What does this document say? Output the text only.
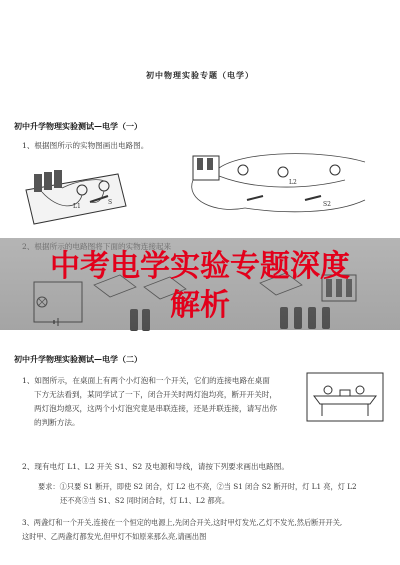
初中物理实验专题（电学）
初中升学物理实验测试—电学（一）
1、根据图所示的实物图画出电路图。
L1
S
L2
S2
中考电学实验专题深度
解析
初中升学物理实验测试—电学（二）
1、如图所示，在桌面上有两个小灯泡和一个开关，它们的连接电路在桌面
下方无法看到，某同学试了一下，闭合开关时两灯泡均亮，断开开关时，
两灯泡均熄灭，这两个小灯泡究竟是串联连接，还是并联连接，请写出你
的判断方法。
2、现有电灯 L1、L2 开关 S1、S2 及电源和导线，请按下列要求画出电路图。
要求：①只要 S1 断开，即使 S2 闭合，灯 L2 也不亮，②当 S1 闭合 S2 断开时，灯 L1 亮，灯 L2
还不亮③当 S1、S2 同时闭合时，灯 L1、L2 都亮。
3、两盏灯和一个开关,连接在一个恒定的电源上,先闭合开关,这时甲灯发光,乙灯不发光,然后断开开关,
这时甲、乙两盏灯都发光,但甲灯不如原来那么亮,请画出图
